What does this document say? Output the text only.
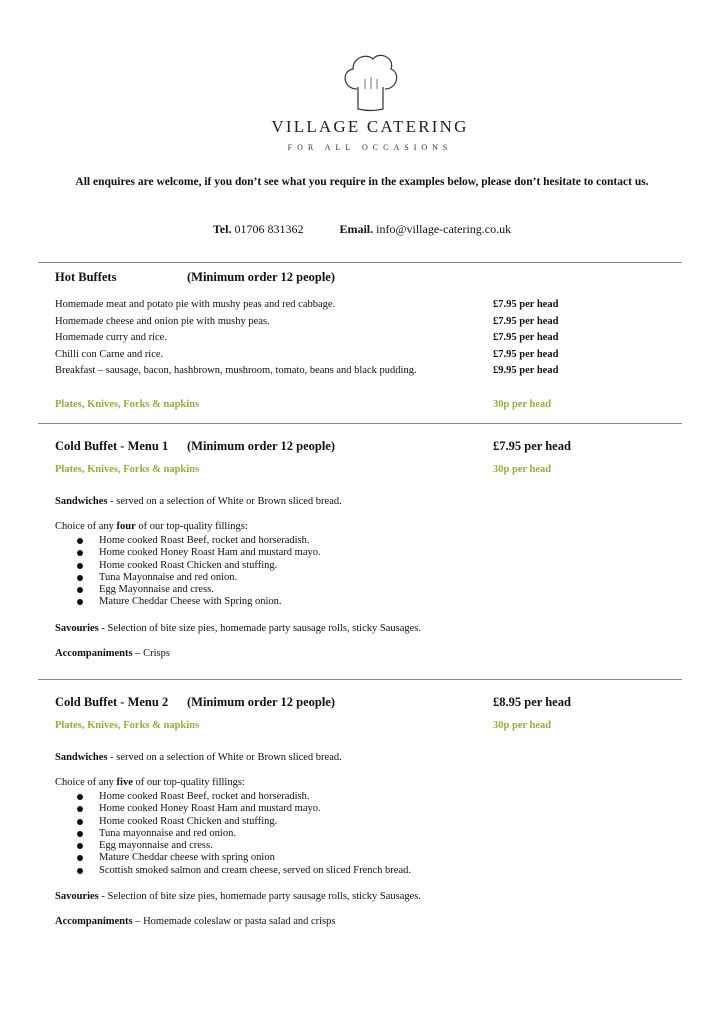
VILLAGE CATERING
FOR ALL OCCASIONS
All enquires are welcome, if you don’t see what you require in the examples below, please don’t hesitate to contact us.
Tel. 01706 831362	Email. info@village-catering.co.uk
Hot Buffets	(Minimum order 12 people)
Homemade meat and potato pie with mushy peas and red cabbage.	£7.95 per head
Homemade cheese and onion pie with mushy peas.	£7.95 per head
Homemade curry and rice.	£7.95 per head
Chilli con Carne and rice.	£7.95 per head
Breakfast – sausage, bacon, hashbrown, mushroom, tomato, beans and black pudding.	£9.95 per head
Plates, Knives, Forks & napkins	30p per head
Cold Buffet - Menu 1 (Minimum order 12 people)	£7.95 per head
Plates, Knives, Forks & napkins	30p per head
Sandwiches - served on a selection of White or Brown sliced bread.
Choice of any four of our top-quality fillings:
Home cooked Roast Beef, rocket and horseradish.
Home cooked Honey Roast Ham and mustard mayo.
Home cooked Roast Chicken and stuffing.
Tuna Mayonnaise and red onion.
Egg Mayonnaise and cress.
Mature Cheddar Cheese with Spring onion.
Savouries - Selection of bite size pies, homemade party sausage rolls, sticky Sausages.
Accompaniments – Crisps
Cold Buffet - Menu 2 (Minimum order 12 people)	£8.95 per head
Plates, Knives, Forks & napkins	30p per head
Sandwiches - served on a selection of White or Brown sliced bread.
Choice of any five of our top-quality fillings:
Home cooked Roast Beef, rocket and horseradish.
Home cooked Honey Roast Ham and mustard mayo.
Home cooked Roast Chicken and stuffing.
Tuna mayonnaise and red onion.
Egg mayonnaise and cress.
Mature Cheddar cheese with spring onion
Scottish smoked salmon and cream cheese, served on sliced French bread.
Savouries - Selection of bite size pies, homemade party sausage rolls, sticky Sausages.
Accompaniments – Homemade coleslaw or pasta salad and crisps
